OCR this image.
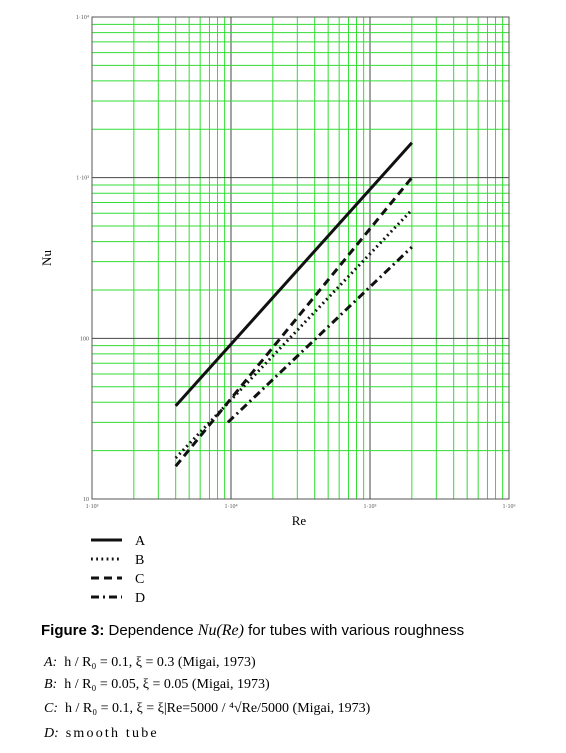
1·10³	1·10⁴	1·10⁵	1·10⁶
1·10⁴
1·10³
100
10
Re
Nu
A
B
C
D
Figure 3: Dependence Nu(Re) for tubes with various roughness
A: h / R₀ = 0.1, ξ = 0.3 (Migai, 1973)
B: h / R₀ = 0.05, ξ = 0.05 (Migai, 1973)
C: h / R₀ = 0.1, ξ = ξ|Re=5000 / ⁴√Re/5000 (Migai, 1973)
D: smooth tube
